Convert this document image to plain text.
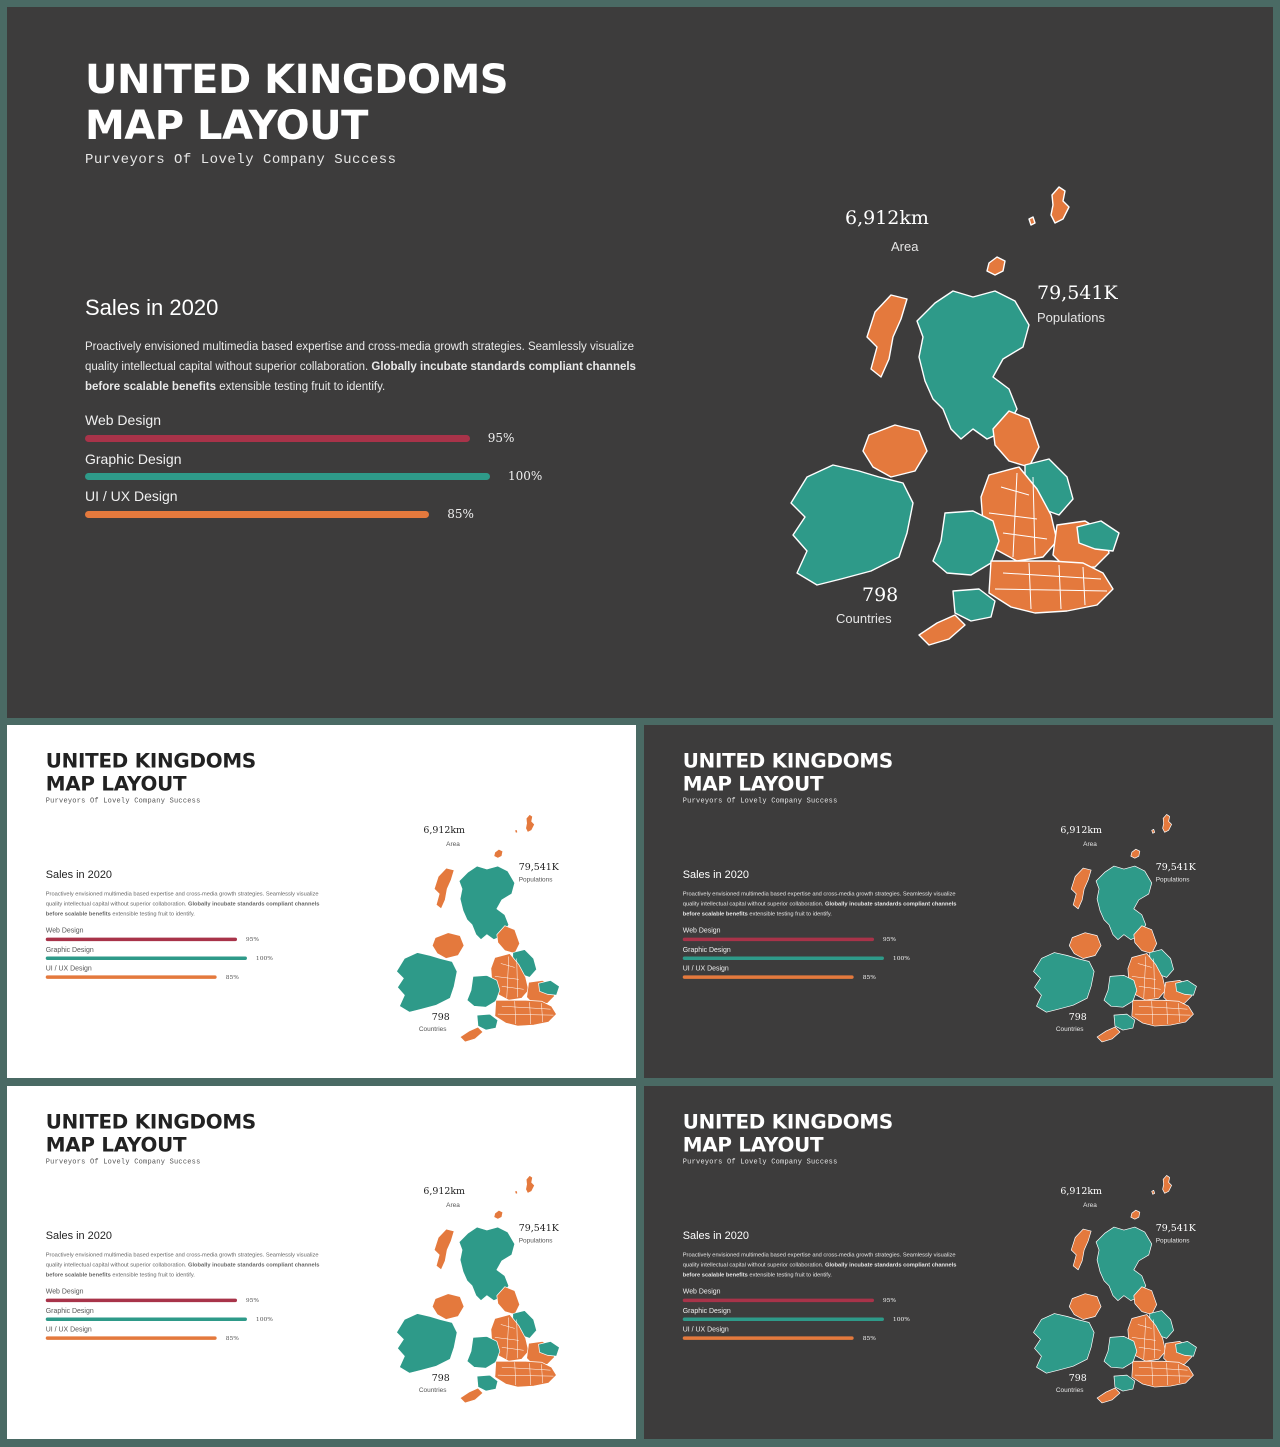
UNITED KINGDOMS
MAP LAYOUT
Purveyors Of Lovely Company Success
Sales in 2020
Proactively envisioned multimedia based expertise and cross-media growth strategies. Seamlessly visualize quality intellectual capital without superior collaboration. Globally incubate standards compliant channels before scalable benefits extensible testing fruit to identify.
Web Design
95%
Graphic Design
100%
UI / UX Design
85%
6,912km
Area
79,541K
Populations
798
Countries
UNITED KINGDOMS
MAP LAYOUT
Purveyors Of Lovely Company Success
Sales in 2020
Proactively envisioned multimedia based expertise and cross-media growth strategies. Seamlessly visualize quality intellectual capital without superior collaboration. Globally incubate standards compliant channels before scalable benefits extensible testing fruit to identify.
Web Design
95%
Graphic Design
100%
UI / UX Design
85%
6,912km
Area
79,541K
Populations
798
Countries
UNITED KINGDOMS
MAP LAYOUT
Purveyors Of Lovely Company Success
Sales in 2020
Proactively envisioned multimedia based expertise and cross-media growth strategies. Seamlessly visualize quality intellectual capital without superior collaboration. Globally incubate standards compliant channels before scalable benefits extensible testing fruit to identify.
Web Design
95%
Graphic Design
100%
UI / UX Design
85%
6,912km
Area
79,541K
Populations
798
Countries
UNITED KINGDOMS
MAP LAYOUT
Purveyors Of Lovely Company Success
Sales in 2020
Proactively envisioned multimedia based expertise and cross-media growth strategies. Seamlessly visualize quality intellectual capital without superior collaboration. Globally incubate standards compliant channels before scalable benefits extensible testing fruit to identify.
Web Design
95%
Graphic Design
100%
UI / UX Design
85%
6,912km
Area
79,541K
Populations
798
Countries
UNITED KINGDOMS
MAP LAYOUT
Purveyors Of Lovely Company Success
Sales in 2020
Proactively envisioned multimedia based expertise and cross-media growth strategies. Seamlessly visualize quality intellectual capital without superior collaboration. Globally incubate standards compliant channels before scalable benefits extensible testing fruit to identify.
Web Design
95%
Graphic Design
100%
UI / UX Design
85%
6,912km
Area
79,541K
Populations
798
Countries
